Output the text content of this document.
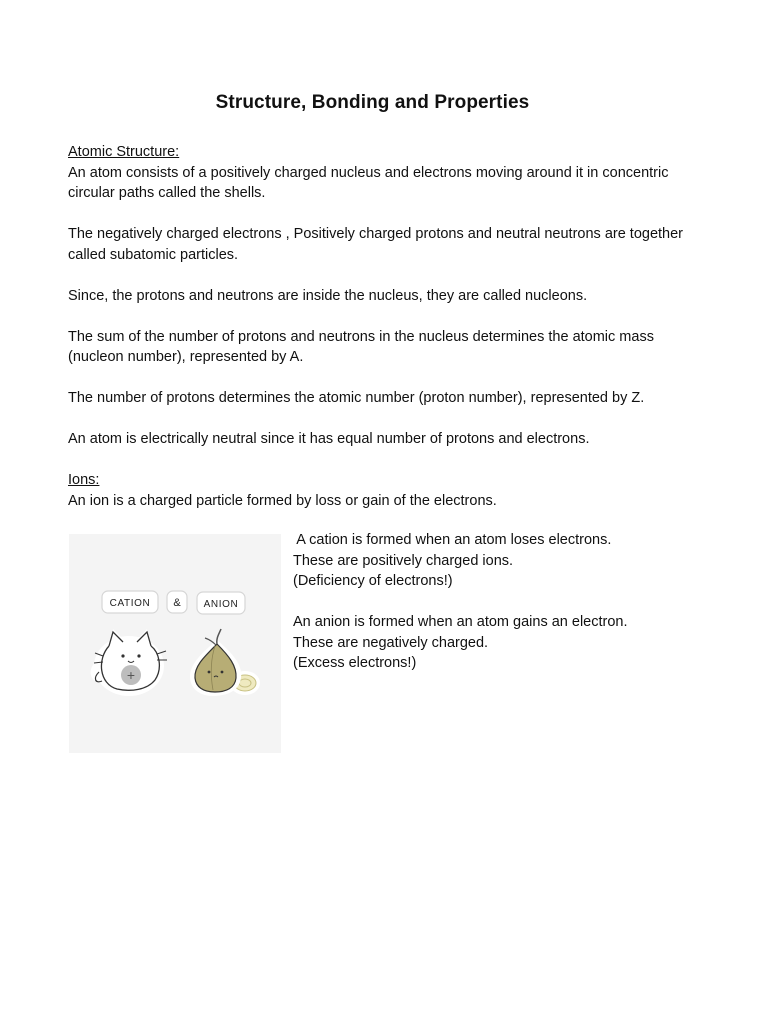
Structure, Bonding and Properties
Atomic Structure:

An atom consists of a positively charged nucleus and electrons moving around it in concentric circular paths called the shells.

The negatively charged electrons , Positively charged protons and neutral neutrons are together called subatomic particles.

Since, the protons and neutrons are inside the nucleus, they are called nucleons.

The sum of the number of protons and neutrons in the nucleus determines the atomic mass (nucleon number), represented by A.

The number of protons determines the atomic number (proton number), represented by Z.

An atom is electrically neutral since it has equal number of protons and electrons.

Ions:

An ion is a charged particle formed by loss or gain of the electrons.

CATION & ANION
+

A cation is formed when an atom loses electrons.
These are positively charged ions.
(Deficiency of electrons!)

An anion is formed when an atom gains an electron.
These are negatively charged.
(Excess electrons!)
